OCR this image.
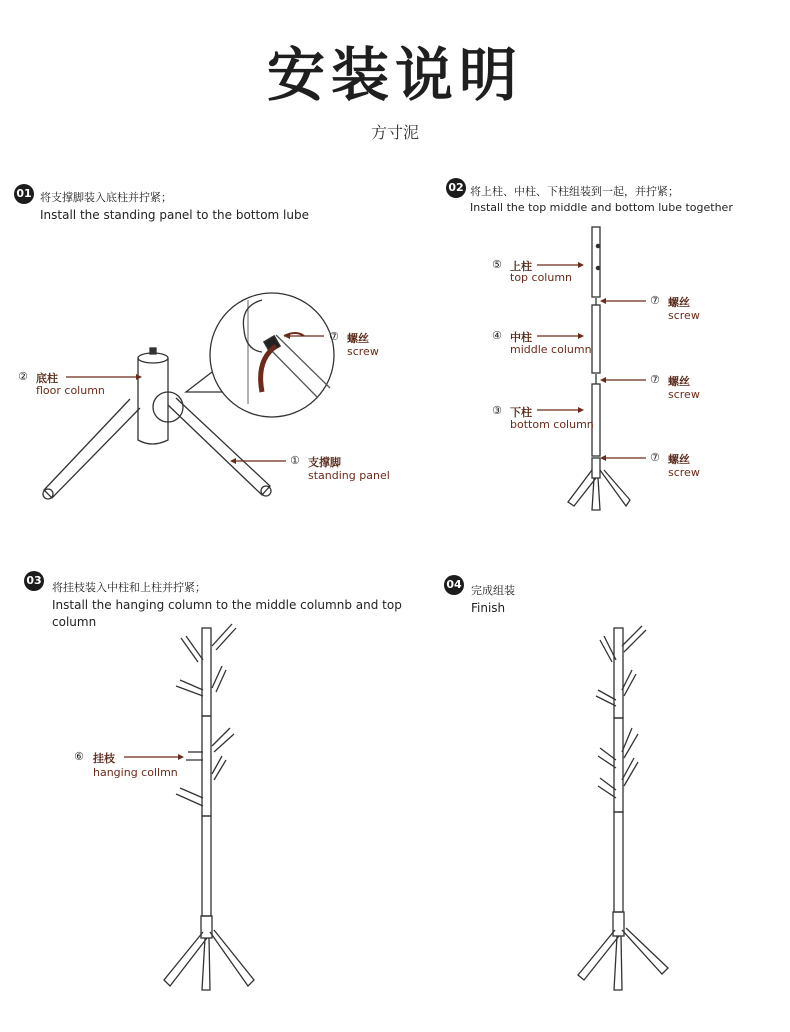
安装说明
方寸泥
01 将支撑脚装入底柱并拧紧；
Install the standing panel to the bottom lube
02 将上柱、中柱、下柱组装到一起，并拧紧；
Install the top middle and bottom lube together
03
将挂枝装入中柱和上柱并拧紧；
Install the hanging column to the middle columnb and top column
04 完成组装
Finish
② 底柱
floor column
⑦ 螺丝
screw
① 支撑脚
standing panel
⑤ 上柱
top column
④ 中柱
middle column
③ 下柱
bottom column
⑦ 螺丝
screw
⑦ 螺丝
screw
⑦ 螺丝
screw
⑥ 挂枝
hanging collmn
